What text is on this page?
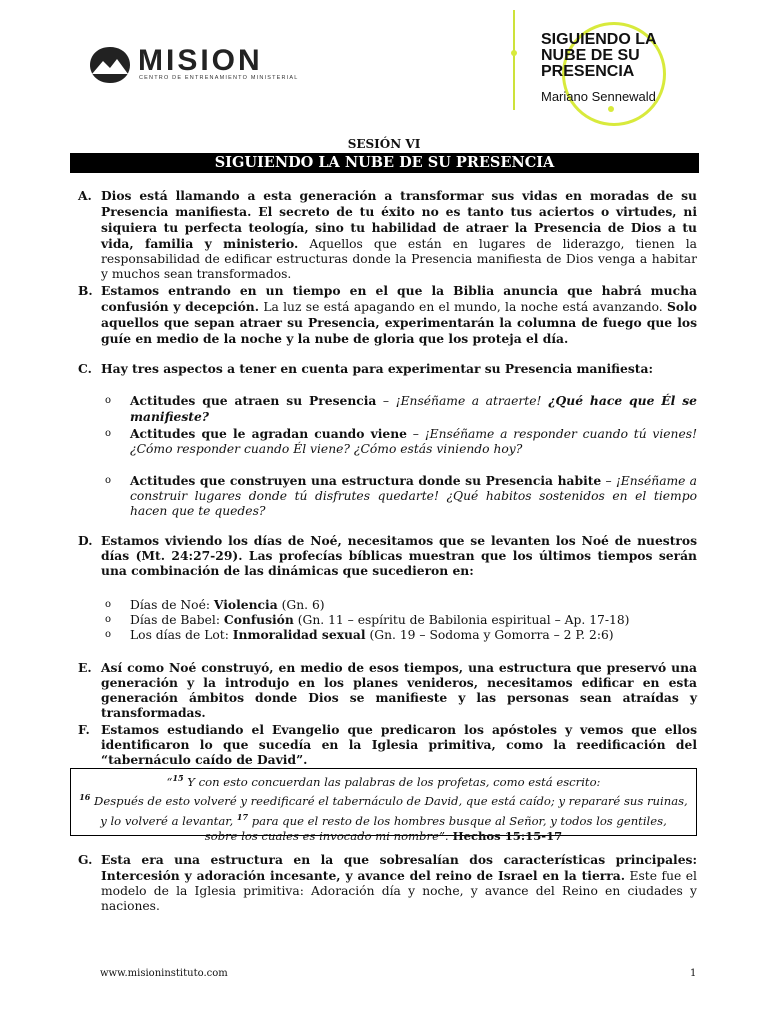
MISION
CENTRO DE ENTRENAMIENTO MINISTERIAL
SIGUIENDO LA
NUBE DE SU
PRESENCIA
Mariano Sennewald
SESIÓN VI
SIGUIENDO LA NUBE DE SU PRESENCIA
A. Dios está llamando a esta generación a transformar sus vidas en moradas de su Presencia manifiesta. El secreto de tu éxito no es tanto tus aciertos o virtudes, ni siquiera tu perfecta teología, sino tu habilidad de atraer la Presencia de Dios a tu vida, familia y ministerio. Aquellos que están en lugares de liderazgo, tienen la responsabilidad de edificar estructuras donde la Presencia manifiesta de Dios venga a habitar y muchos sean transformados.
B. Estamos entrando en un tiempo en el que la Biblia anuncia que habrá mucha confusión y decepción. La luz se está apagando en el mundo, la noche está avanzando. Solo aquellos que sepan atraer su Presencia, experimentarán la columna de fuego que los guíe en medio de la noche y la nube de gloria que los proteja el día.
C. Hay tres aspectos a tener en cuenta para experimentar su Presencia manifiesta:
o Actitudes que atraen su Presencia – ¡Enséñame a atraerte! ¿Qué hace que Él se manifieste?
o Actitudes que le agradan cuando viene – ¡Enséñame a responder cuando tú vienes! ¿Cómo responder cuando Él viene? ¿Cómo estás viniendo hoy?
o Actitudes que construyen una estructura donde su Presencia habite – ¡Enséñame a construir lugares donde tú disfrutes quedarte! ¿Qué habitos sostenidos en el tiempo hacen que te quedes?
D. Estamos viviendo los días de Noé, necesitamos que se levanten los Noé de nuestros días (Mt. 24:27-29). Las profecías bíblicas muestran que los últimos tiempos serán una combinación de las dinámicas que sucedieron en:
o Días de Noé: Violencia (Gn. 6)
o Días de Babel: Confusión (Gn. 11 – espíritu de Babilonia espiritual – Ap. 17-18)
o Los días de Lot: Inmoralidad sexual (Gn. 19 – Sodoma y Gomorra – 2 P. 2:6)
E. Así como Noé construyó, en medio de esos tiempos, una estructura que preservó una generación y la introdujo en los planes venideros, necesitamos edificar en esta generación ámbitos donde Dios se manifieste y las personas sean atraídas y transformadas.
F. Estamos estudiando el Evangelio que predicaron los apóstoles y vemos que ellos identificaron lo que sucedía en la Iglesia primitiva, como la reedificación del “tabernáculo caído de David”.
“$^{15}$ Y con esto concuerdan las palabras de los profetas, como está escrito:
$^{16}$ Después de esto volveré y reedificaré el tabernáculo de David, que está caído; y repararé sus ruinas,
y lo volveré a levantar, $^{17}$ para que el resto de los hombres busque al Señor, y todos los gentiles,
sobre los cuales es invocado mi nombre”. Hechos 15:15-17
G. Esta era una estructura en la que sobresalían dos características principales: Intercesión y adoración incesante, y avance del reino de Israel en la tierra. Este fue el modelo de la Iglesia primitiva: Adoración día y noche, y avance del Reino en ciudades y naciones.
www.misioninstituto.com	1
